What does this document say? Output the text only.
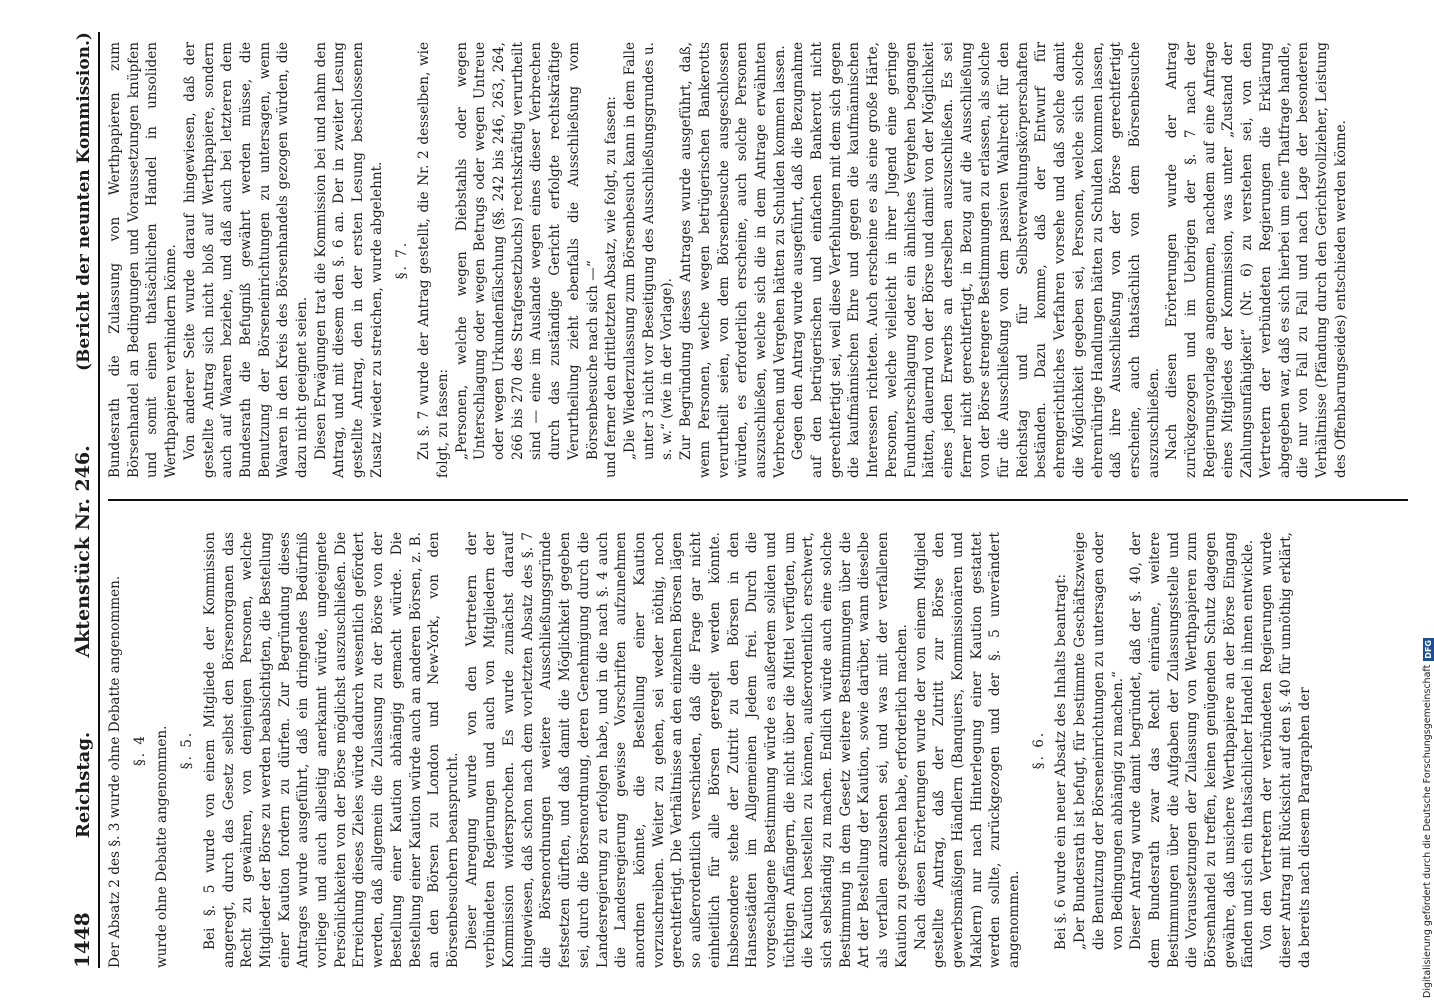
1448
Reichstag.
Aktenstück Nr. 246.
(Bericht der neunten Kommission.)

Der Absatz 2 des §. 3 wurde ohne Debatte angenommen. §. 4 wurde ohne Debatte angenommen. §. 5. Bei §. 5 wurde von einem Mitgliede der Kommission angeregt, durch das Gesetz selbst den Börsenorganen das Recht zu gewähren, von denjenigen Personen, welche Mitglieder der Börse zu werden beabsichtigten, die Bestellung einer Kaution fordern zu dürfen. Zur Begründung dieses Antrages wurde ausgeführt, daß ein dringendes Bedürfniß vorliege und auch allseitig anerkannt würde, ungeeignete Persönlichkeiten von der Börse möglichst auszuschließen. Die Erreichung dieses Zieles würde dadurch wesentlich gefördert werden, daß allgemein die Zulassung zu der Börse von der Bestellung einer Kaution abhängig gemacht würde. Die Bestellung einer Kaution würde auch an anderen Börsen, z. B. an den Börsen zu London und New-York, von den Börsenbesuchern beansprucht. Dieser Anregung wurde von den Vertretern der verbündeten Regierungen und auch von Mitgliedern der Kommission widersprochen. Es wurde zunächst darauf hingewiesen, daß schon nach dem vorletzten Absatz des §. 7 die Börsenordnungen weitere Ausschließungsgründe festsetzen dürften, und daß damit die Möglichkeit gegeben sei, durch die Börsenordnung, deren Genehmigung durch die Landesregierung zu erfolgen habe, und in die nach §. 4 auch die Landesregierung gewisse Vorschriften aufzunehmen anordnen könnte, die Bestellung einer Kaution vorzuschreiben. Weiter zu gehen, sei weder nöthig, noch gerechtfertigt. Die Verhältnisse an den einzelnen Börsen lägen so außerordentlich verschieden, daß die Frage gar nicht einheitlich für alle Börsen geregelt werden könnte. Insbesondere stehe der Zutritt zu den Börsen in den Hansestädten im Allgemeinen Jedem frei. Durch die vorgeschlagene Bestimmung würde es außerdem soliden und tüchtigen Anfängern, die nicht über die Mittel verfügten, um die Kaution bestellen zu können, außerordentlich erschwert, sich selbständig zu machen. Endlich würde auch eine solche Bestimmung in dem Gesetz weitere Bestimmungen über die Art der Bestellung der Kaution, sowie darüber, wann dieselbe als verfallen anzusehen sei, und was mit der verfallenen Kaution zu geschehen habe, erforderlich machen. Nach diesen Erörterungen wurde der von einem Mitglied gestellte Antrag, daß der Zutritt zur Börse den gewerbsmäßigen Händlern (Banquiers, Kommissionären und Maklern) nur nach Hinterlegung einer Kaution gestattet werden sollte, zurückgezogen und der §. 5 unverändert angenommen.

§. 6. Bei §. 6 wurde ein neuer Absatz des Inhalts beantragt: „Der Bundesrath ist befugt, für bestimmte Geschäftszweige die Benutzung der Börseneinrichtungen zu untersagen oder von Bedingungen abhängig zu machen.“ Dieser Antrag wurde damit begründet, daß der §. 40, der dem Bundesrath zwar das Recht einräume, weitere Bestimmungen über die Aufgaben der Zulassungsstelle und die Voraussetzungen der Zulassung von Werthpapieren zum Börsenhandel zu treffen, keinen genügenden Schutz dagegen gewähre, daß unsichere Werthpapiere an der Börse Eingang fänden und sich ein thatsächlicher Handel in ihnen entwickle. Von den Vertretern der verbündeten Regierungen wurde dieser Antrag mit Rücksicht auf den §. 40 für unnöthig erklärt, da bereits nach diesem Paragraphen der

Bundesrath die Zulassung von Werthpapieren zum Börsenhandel an Bedingungen und Voraussetzungen knüpfen und somit einen thatsächlichen Handel in unsoliden Werthpapieren verhindern könne. Von anderer Seite wurde darauf hingewiesen, daß der gestellte Antrag sich nicht bloß auf Werthpapiere, sondern auch auf Waaren beziehe, und daß auch bei letzteren dem Bundesrath die Befugniß gewährt werden müsse, die Benutzung der Börseneinrichtungen zu untersagen, wenn Waaren in den Kreis des Börsenhandels gezogen würden, die dazu nicht geeignet seien. Diesen Erwägungen trat die Kommission bei und nahm den Antrag, und mit diesem den §. 6 an. Der in zweiter Lesung gestellte Antrag, den in der ersten Lesung beschlossenen Zusatz wieder zu streichen, wurde abgelehnt. §. 7. Zu §. 7 wurde der Antrag gestellt, die Nr. 2 desselben, wie folgt, zu fassen: „Personen, welche wegen Diebstahls oder wegen Unterschlagung oder wegen Betrugs oder wegen Untreue oder wegen Urkundenfälschung (§§. 242 bis 246, 263, 264, 266 bis 270 des Strafgesetzbuchs) rechtskräftig verurtheilt sind — eine im Auslande wegen eines dieser Verbrechen durch das zuständige Gericht erfolgte rechtskräftige Verurtheilung zieht ebenfalls die Ausschließung vom Börsenbesuche nach sich —“ und ferner den drittletzten Absatz, wie folgt, zu fassen: „Die Wiederzulassung zum Börsenbesuch kann in dem Falle unter 3 nicht vor Beseitigung des Ausschließungsgrundes u. s. w.“ (wie in der Vorlage). Zur Begründung dieses Antrages wurde ausgeführt, daß, wenn Personen, welche wegen betrügerischen Bankerotts verurtheilt seien, von dem Börsenbesuche ausgeschlossen würden, es erforderlich erscheine, auch solche Personen auszuschließen, welche sich die in dem Antrage erwähnten Verbrechen und Vergehen hätten zu Schulden kommen lassen. Gegen den Antrag wurde ausgeführt, daß die Bezugnahme auf den betrügerischen und einfachen Bankerott nicht gerechtfertigt sei, weil diese Verfehlungen mit dem sich gegen die kaufmännischen Ehre und gegen die kaufmännischen Interessen richteten. Auch erscheine es als eine große Härte, Personen, welche vielleicht in ihrer Jugend eine geringe Fundunterschlagung oder ein ähnliches Vergehen begangen hätten, dauernd von der Börse und damit von der Möglichkeit eines jeden Erwerbs an derselben auszuschließen. Es sei ferner nicht gerechtfertigt, in Bezug auf die Ausschließung von der Börse strengere Bestimmungen zu erlassen, als solche für die Ausschließung von dem passiven Wahlrecht für den Reichstag und für Selbstverwaltungskörperschaften beständen. Dazu komme, daß der Entwurf für ehrengerichtliches Verfahren vorsehe und daß solche damit die Möglichkeit gegeben sei, Personen, welche sich solche ehrenrührige Handlungen hätten zu Schulden kommen lassen, daß ihre Ausschließung von der Börse gerechtfertigt erscheine, auch thatsächlich von dem Börsenbesuche auszuschließen. Nach diesen Erörterungen wurde der Antrag zurückgezogen und im Uebrigen der §. 7 nach der Regierungsvorlage angenommen, nachdem auf eine Anfrage eines Mitgliedes der Kommission, was unter „Zustand der Zahlungsunfähigkeit“ (Nr. 6) zu verstehen sei, von den Vertretern der verbündeten Regierungen die Erklärung abgegeben war, daß es sich hierbei um eine Thatfrage handle, die nur von Fall zu Fall und nach Lage der besonderen Verhältnisse (Pfändung durch den Gerichtsvollzieher, Leistung des Offenbarungseides) entschieden werden könne.

Digitalisierung gefördert durch die Deutsche Forschungsgemeinschaft
DFG
